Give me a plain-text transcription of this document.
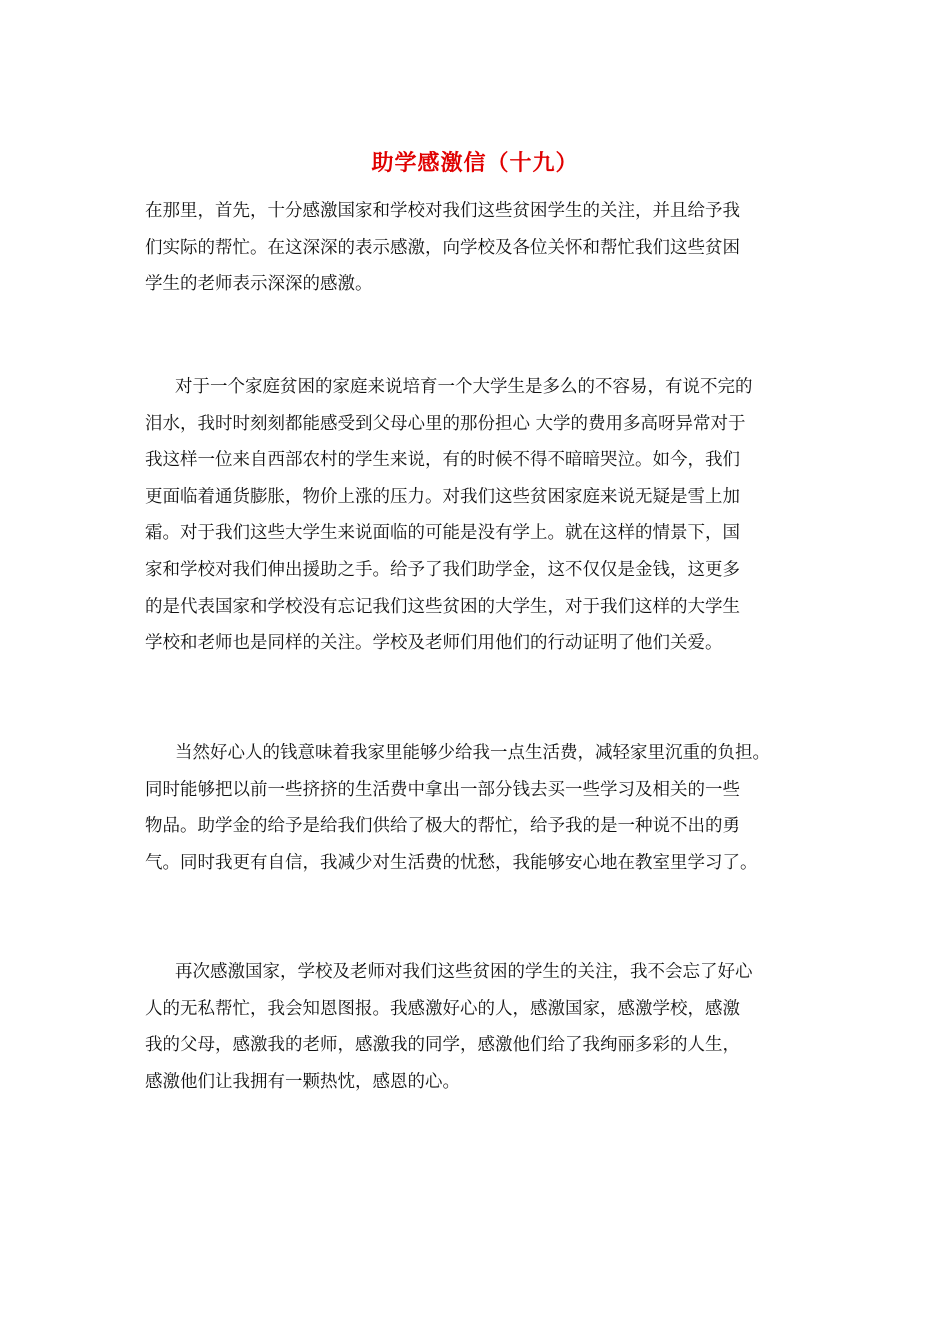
助学感激信（十九）
在那里，首先，十分感激国家和学校对我们这些贫困学生的关注，并且给予我
们实际的帮忙。在这深深的表示感激，向学校及各位关怀和帮忙我们这些贫困
学生的老师表示深深的感激。
对于一个家庭贫困的家庭来说培育一个大学生是多么的不容易，有说不完的
泪水，我时时刻刻都能感受到父母心里的那份担心 大学的费用多高呀异常对于
我这样一位来自西部农村的学生来说，有的时候不得不暗暗哭泣。如今，我们
更面临着通货膨胀，物价上涨的压力。对我们这些贫困家庭来说无疑是雪上加
霜。对于我们这些大学生来说面临的可能是没有学上。就在这样的情景下，国
家和学校对我们伸出援助之手。给予了我们助学金，这不仅仅是金钱，这更多
的是代表国家和学校没有忘记我们这些贫困的大学生，对于我们这样的大学生
学校和老师也是同样的关注。学校及老师们用他们的行动证明了他们关爱。
当然好心人的钱意味着我家里能够少给我一点生活费，减轻家里沉重的负担。
同时能够把以前一些挤挤的生活费中拿出一部分钱去买一些学习及相关的一些
物品。助学金的给予是给我们供给了极大的帮忙，给予我的是一种说不出的勇
气。同时我更有自信，我减少对生活费的忧愁，我能够安心地在教室里学习了。
再次感激国家，学校及老师对我们这些贫困的学生的关注，我不会忘了好心
人的无私帮忙，我会知恩图报。我感激好心的人，感激国家，感激学校，感激
我的父母，感激我的老师，感激我的同学，感激他们给了我绚丽多彩的人生，
感激他们让我拥有一颗热忱，感恩的心。
